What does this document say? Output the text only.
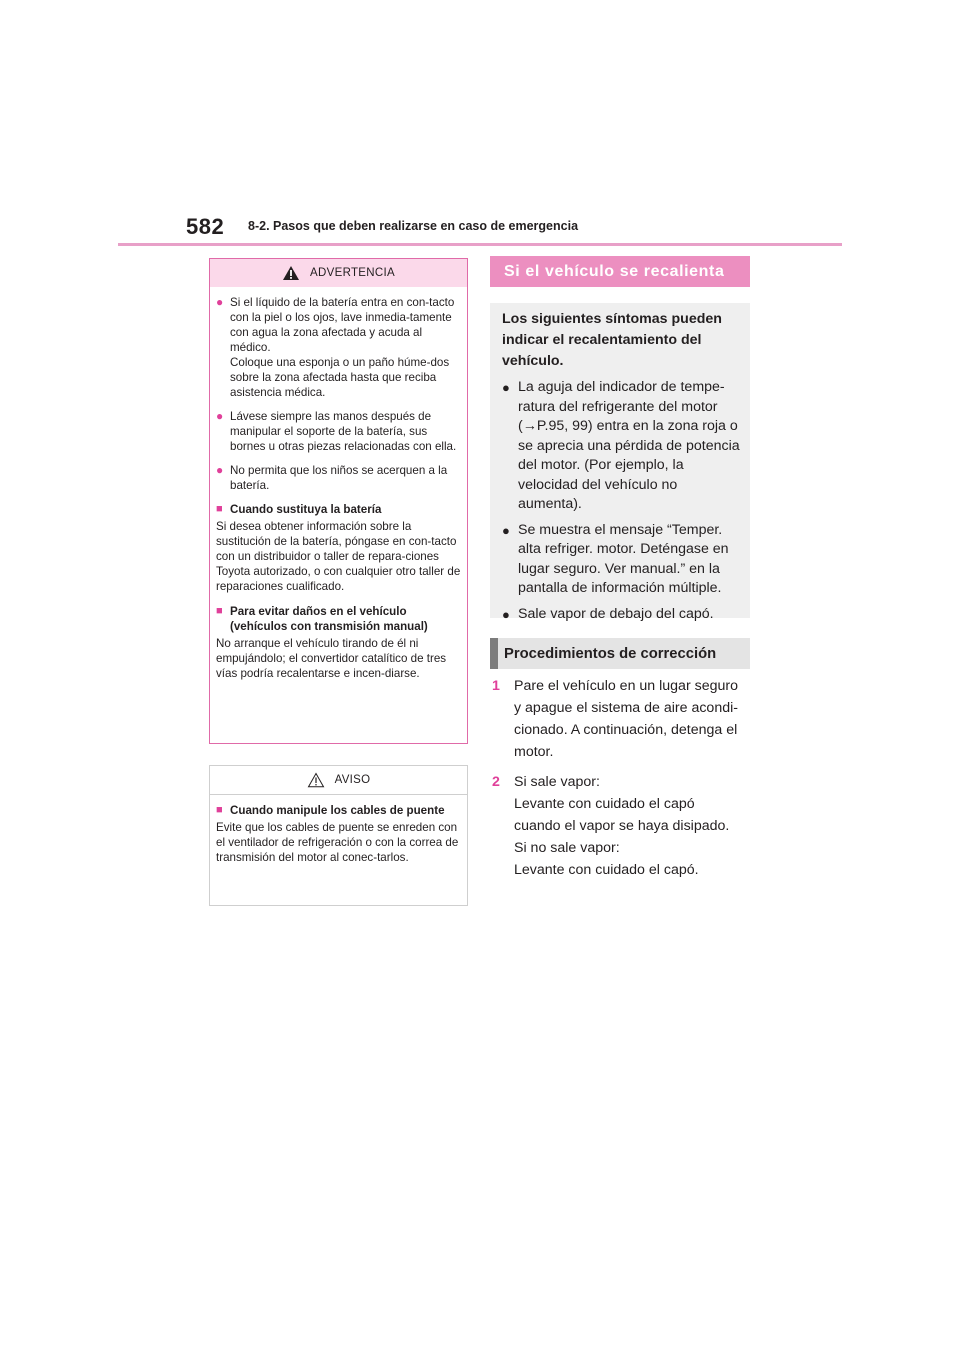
582 8-2. Pasos que deben realizarse en caso de emergencia
ADVERTENCIA
● Si el líquido de la batería entra en con-tacto con la piel o los ojos, lave inmedia-tamente con agua la zona afectada y acuda al médico.
Coloque una esponja o un paño húme-dos sobre la zona afectada hasta que reciba asistencia médica.
● Lávese siempre las manos después de manipular el soporte de la batería, sus bornes u otras piezas relacionadas con ella.
● No permita que los niños se acerquen a la batería.
■ Cuando sustituya la batería
Si desea obtener información sobre la sustitución de la batería, póngase en con-tacto con un distribuidor o taller de repara-ciones Toyota autorizado, o con cualquier otro taller de reparaciones cualificado.
■ Para evitar daños en el vehículo (vehículos con transmisión manual)
No arranque el vehículo tirando de él ni empujándolo; el convertidor catalítico de tres vías podría recalentarse e incen-diarse.
AVISO
■ Cuando manipule los cables de puente
Evite que los cables de puente se enreden con el ventilador de refrigeración o con la correa de transmisión del motor al conec-tarlos.
Si el vehículo se recalienta
Los siguientes síntomas pueden indicar el recalentamiento del vehículo.
● La aguja del indicador de tempe-ratura del refrigerante del motor (→P.95, 99) entra en la zona roja o se aprecia una pérdida de potencia del motor. (Por ejemplo, la velocidad del vehículo no aumenta).
● Se muestra el mensaje “Temper. alta refriger. motor. Deténgase en lugar seguro. Ver manual.” en la pantalla de información múltiple.
● Sale vapor de debajo del capó.
Procedimientos de corrección
1 Pare el vehículo en un lugar seguro
y apague el sistema de aire acondi-
cionado. A continuación, detenga el
motor.
2 Si sale vapor:
Levante con cuidado el capó
cuando el vapor se haya disipado.
Si no sale vapor:
Levante con cuidado el capó.
